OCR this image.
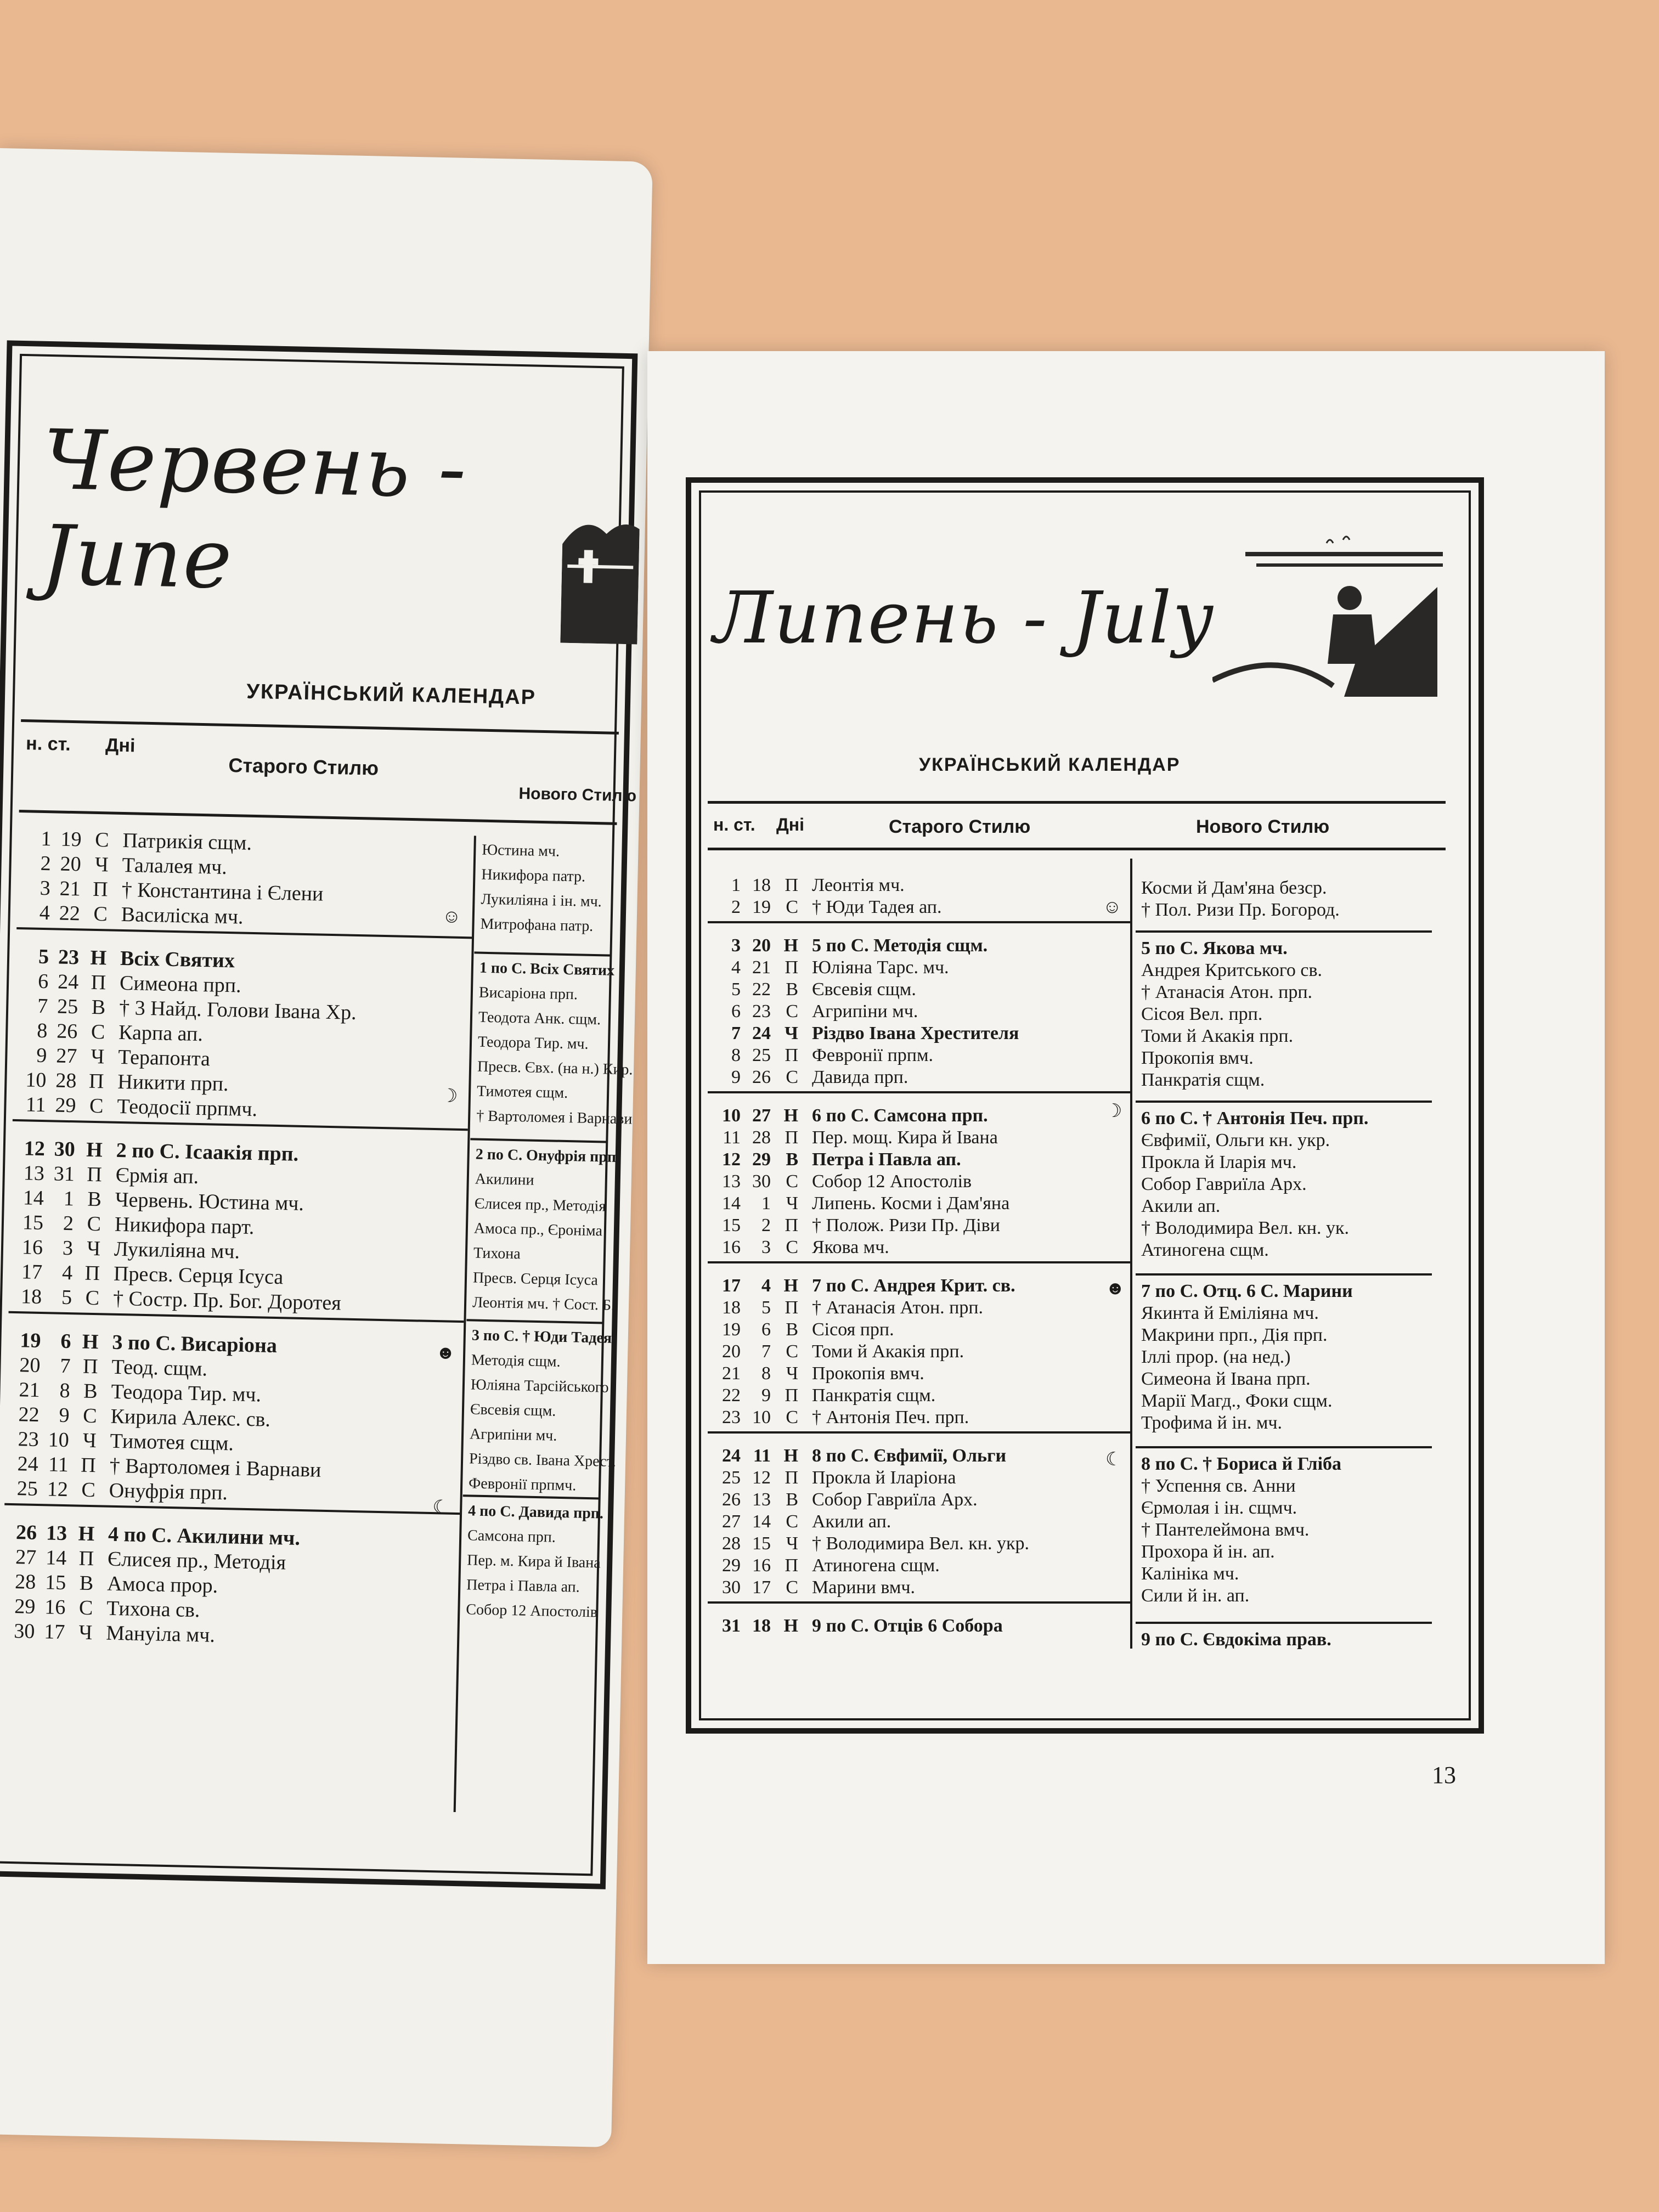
Червень - June
УКРАЇНСЬКИЙ КАЛЕНДАР
н. ст. Дні
Старого Стилю
Нового Стилю
1 19 С Патрикія сщм.
2 20 Ч Талалея мч.
3 21 П † Константина і Єлени
4 22 С Василіска мч.
5 23 Н Всіх Святих
6 24 П Симеона прп.
7 25 В † 3 Найд. Голови Івана Хр.
8 26 С Карпа ап.
9 27 Ч Терапонта
10 28 П Никити прп.
11 29 С Теодосії прпмч.
12 30 Н 2 по С. Ісаакія прп.
13 31 П Єрмія ап.
14 1 В Червень. Юстина мч.
15 2 С Никифора парт.
16 3 Ч Лукиліяна мч.
17 4 П Пресв. Серця Ісуса
18 5 С † Состр. Пр. Бог. Доротея
19 6 Н 3 по С. Висаріона
20 7 П Теод. сщм.
21 8 В Теодора Тир. мч.
22 9 С Кирила Алекс. св.
23 10 Ч Тимотея сщм.
24 11 П † Вартоломея і Варнави
25 12 С Онуфрія прп.
26 13 Н 4 по С. Акилини мч.
27 14 П Єлисея пр., Методія
28 15 В Амоса прор.
29 16 С Тихона св.
30 17 Ч Мануіла мч.
Юстина мч.
Никифора патр.
Лукиліяна і ін. мч.
Митрофана патр.
1 по С. Всіх Святих
Висаріона прп.
Теодота Анк. сщм.
Теодора Тир. мч.
Пресв. Євх. (на н.) Кир.
Тимотея сщм.
† Вартоломея і Варнави
2 по С. Онуфрія прп.
Акилини
Єлисея пр., Методія
Амоса пр., Єроніма
Тихона
Пресв. Серця Ісуса
Леонтія мч. † Сост. Б.
3 по С. † Юди Тадея
Методія сщм.
Юліяна Тарсійського
Євсевія сщм.
Агрипіни мч.
Різдво св. Івана Хрест.
Февронії прпмч.
4 по С. Давида прп.
Самсона прп.
Пер. м. Кира й Івана
Петра і Павла ап.
Собор 12 Апостолів
☺
☽
☻
☾
Липень - July
УКРАЇНСЬКИЙ КАЛЕНДАР
н. ст. Дні	Старого Стилю	Нового Стилю
1 18 П Леонтія мч.
2 19 С † Юди Тадея ап.
3 20 Н 5 по С. Методія сщм.
4 21 П Юліяна Тарс. мч.
5 22 В Євсевія сщм.
6 23 С Агрипіни мч.
7 24 Ч Різдво Івана Хрестителя
8 25 П Февронії прпм.
9 26 С Давида прп.
10 27 Н 6 по С. Самсона прп.
11 28 П Пер. мощ. Кира й Івана
12 29 В Петра і Павла ап.
13 30 С Собор 12 Апостолів
14 1 Ч Липень. Косми і Дам'яна
15 2 П † Полож. Ризи Пр. Діви
16 3 С Якова мч.
17 4 Н 7 по С. Андрея Крит. св.
18 5 П † Атанасія Атон. прп.
19 6 В Сісоя прп.
20 7 С Томи й Акакія прп.
21 8 Ч Прокопія вмч.
22 9 П Панкратія сщм.
23 10 С † Антонія Печ. прп.
24 11 Н 8 по С. Євфимії, Ольги
25 12 П Прокла й Іларіона
26 13 В Собор Гавриїла Арх.
27 14 С Акили ап.
28 15 Ч † Володимира Вел. кн. укр.
29 16 П Атиногена сщм.
30 17 С Марини вмч.
31 18 Н 9 по С. Отців 6 Собора
Косми й Дам'яна безср.
† Пол. Ризи Пр. Богород.
5 по С. Якова мч.
Андрея Критського св.
† Атанасія Атон. прп.
Сісоя Вел. прп.
Томи й Акакія прп.
Прокопія вмч.
Панкратія сщм.
6 по С. † Антонія Печ. прп.
Євфимії, Ольги кн. укр.
Прокла й Іларія мч.
Собор Гавриїла Арх.
Акили ап.
† Володимира Вел. кн. ук.
Атиногена сщм.
7 по С. Отц. 6 С. Марини
Якинта й Еміліяна мч.
Макрини прп., Дія прп.
Іллі прор. (на нед.)
Симеона й Івана прп.
Марії Магд., Фоки сщм.
Трофима й ін. мч.
8 по С. † Бориса й Гліба
† Успення св. Анни
Єрмолая і ін. сщмч.
† Пантелеймона вмч.
Прохора й ін. ап.
Калініка мч.
Сили й ін. ап.
9 по С. Євдокіма прав.
☺
☽
☻
☾
13
